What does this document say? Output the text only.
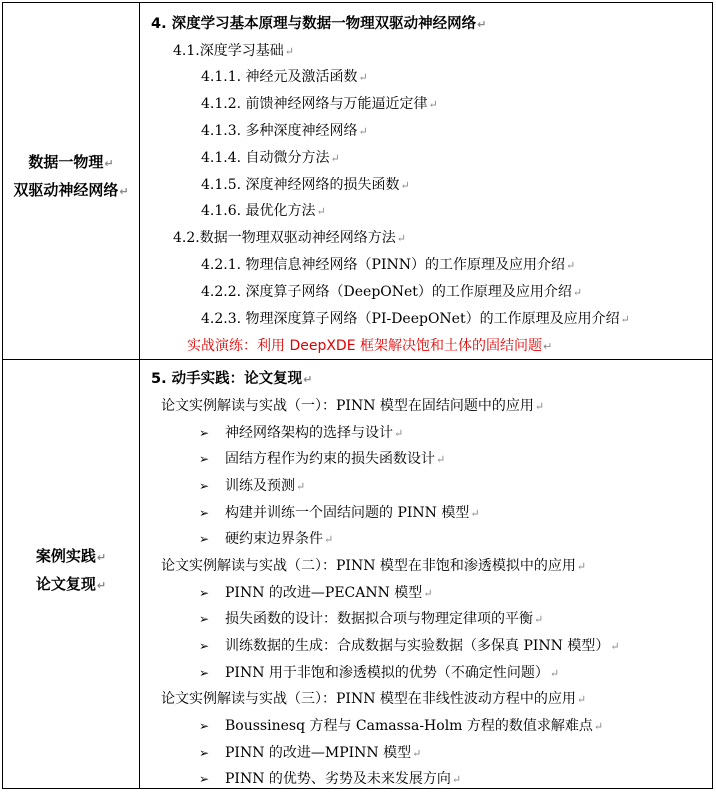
数据一物理↵
双驱动神经网络↵
案例实践↵
论文复现↵
4. 深度学习基本原理与数据一物理双驱动神经网络↵
4.1.深度学习基础↵
4.1.1. 神经元及激活函数↵
4.1.2. 前馈神经网络与万能逼近定律↵
4.1.3. 多种深度神经网络↵
4.1.4. 自动微分方法↵
4.1.5. 深度神经网络的损失函数↵
4.1.6. 最优化方法↵
4.2.数据一物理双驱动神经网络方法↵
4.2.1. 物理信息神经网络（PINN）的工作原理及应用介绍↵
4.2.2. 深度算子网络（DeepONet）的工作原理及应用介绍↵
4.2.3. 物理深度算子网络（PI-DeepONet）的工作原理及应用介绍↵
实战演练：利用 DeepXDE 框架解决饱和土体的固结问题↵
5. 动手实践：论文复现↵
论文实例解读与实战（一）：PINN 模型在固结问题中的应用↵
➢ 神经网络架构的选择与设计↵
➢ 固结方程作为约束的损失函数设计↵
➢ 训练及预测↵
➢ 构建并训练一个固结问题的 PINN 模型↵
➢ 硬约束边界条件↵
论文实例解读与实战（二）：PINN 模型在非饱和渗透模拟中的应用↵
➢ PINN 的改进—PECANN 模型↵
➢ 损失函数的设计：数据拟合项与物理定律项的平衡↵
➢ 训练数据的生成：合成数据与实验数据（多保真 PINN 模型）↵
➢ PINN 用于非饱和渗透模拟的优势（不确定性问题）↵
论文实例解读与实战（三）：PINN 模型在非线性波动方程中的应用↵
➢ Boussinesq 方程与 Camassa-Holm 方程的数值求解难点↵
➢ PINN 的改进—MPINN 模型↵
➢ PINN 的优势、劣势及未来发展方向↵
